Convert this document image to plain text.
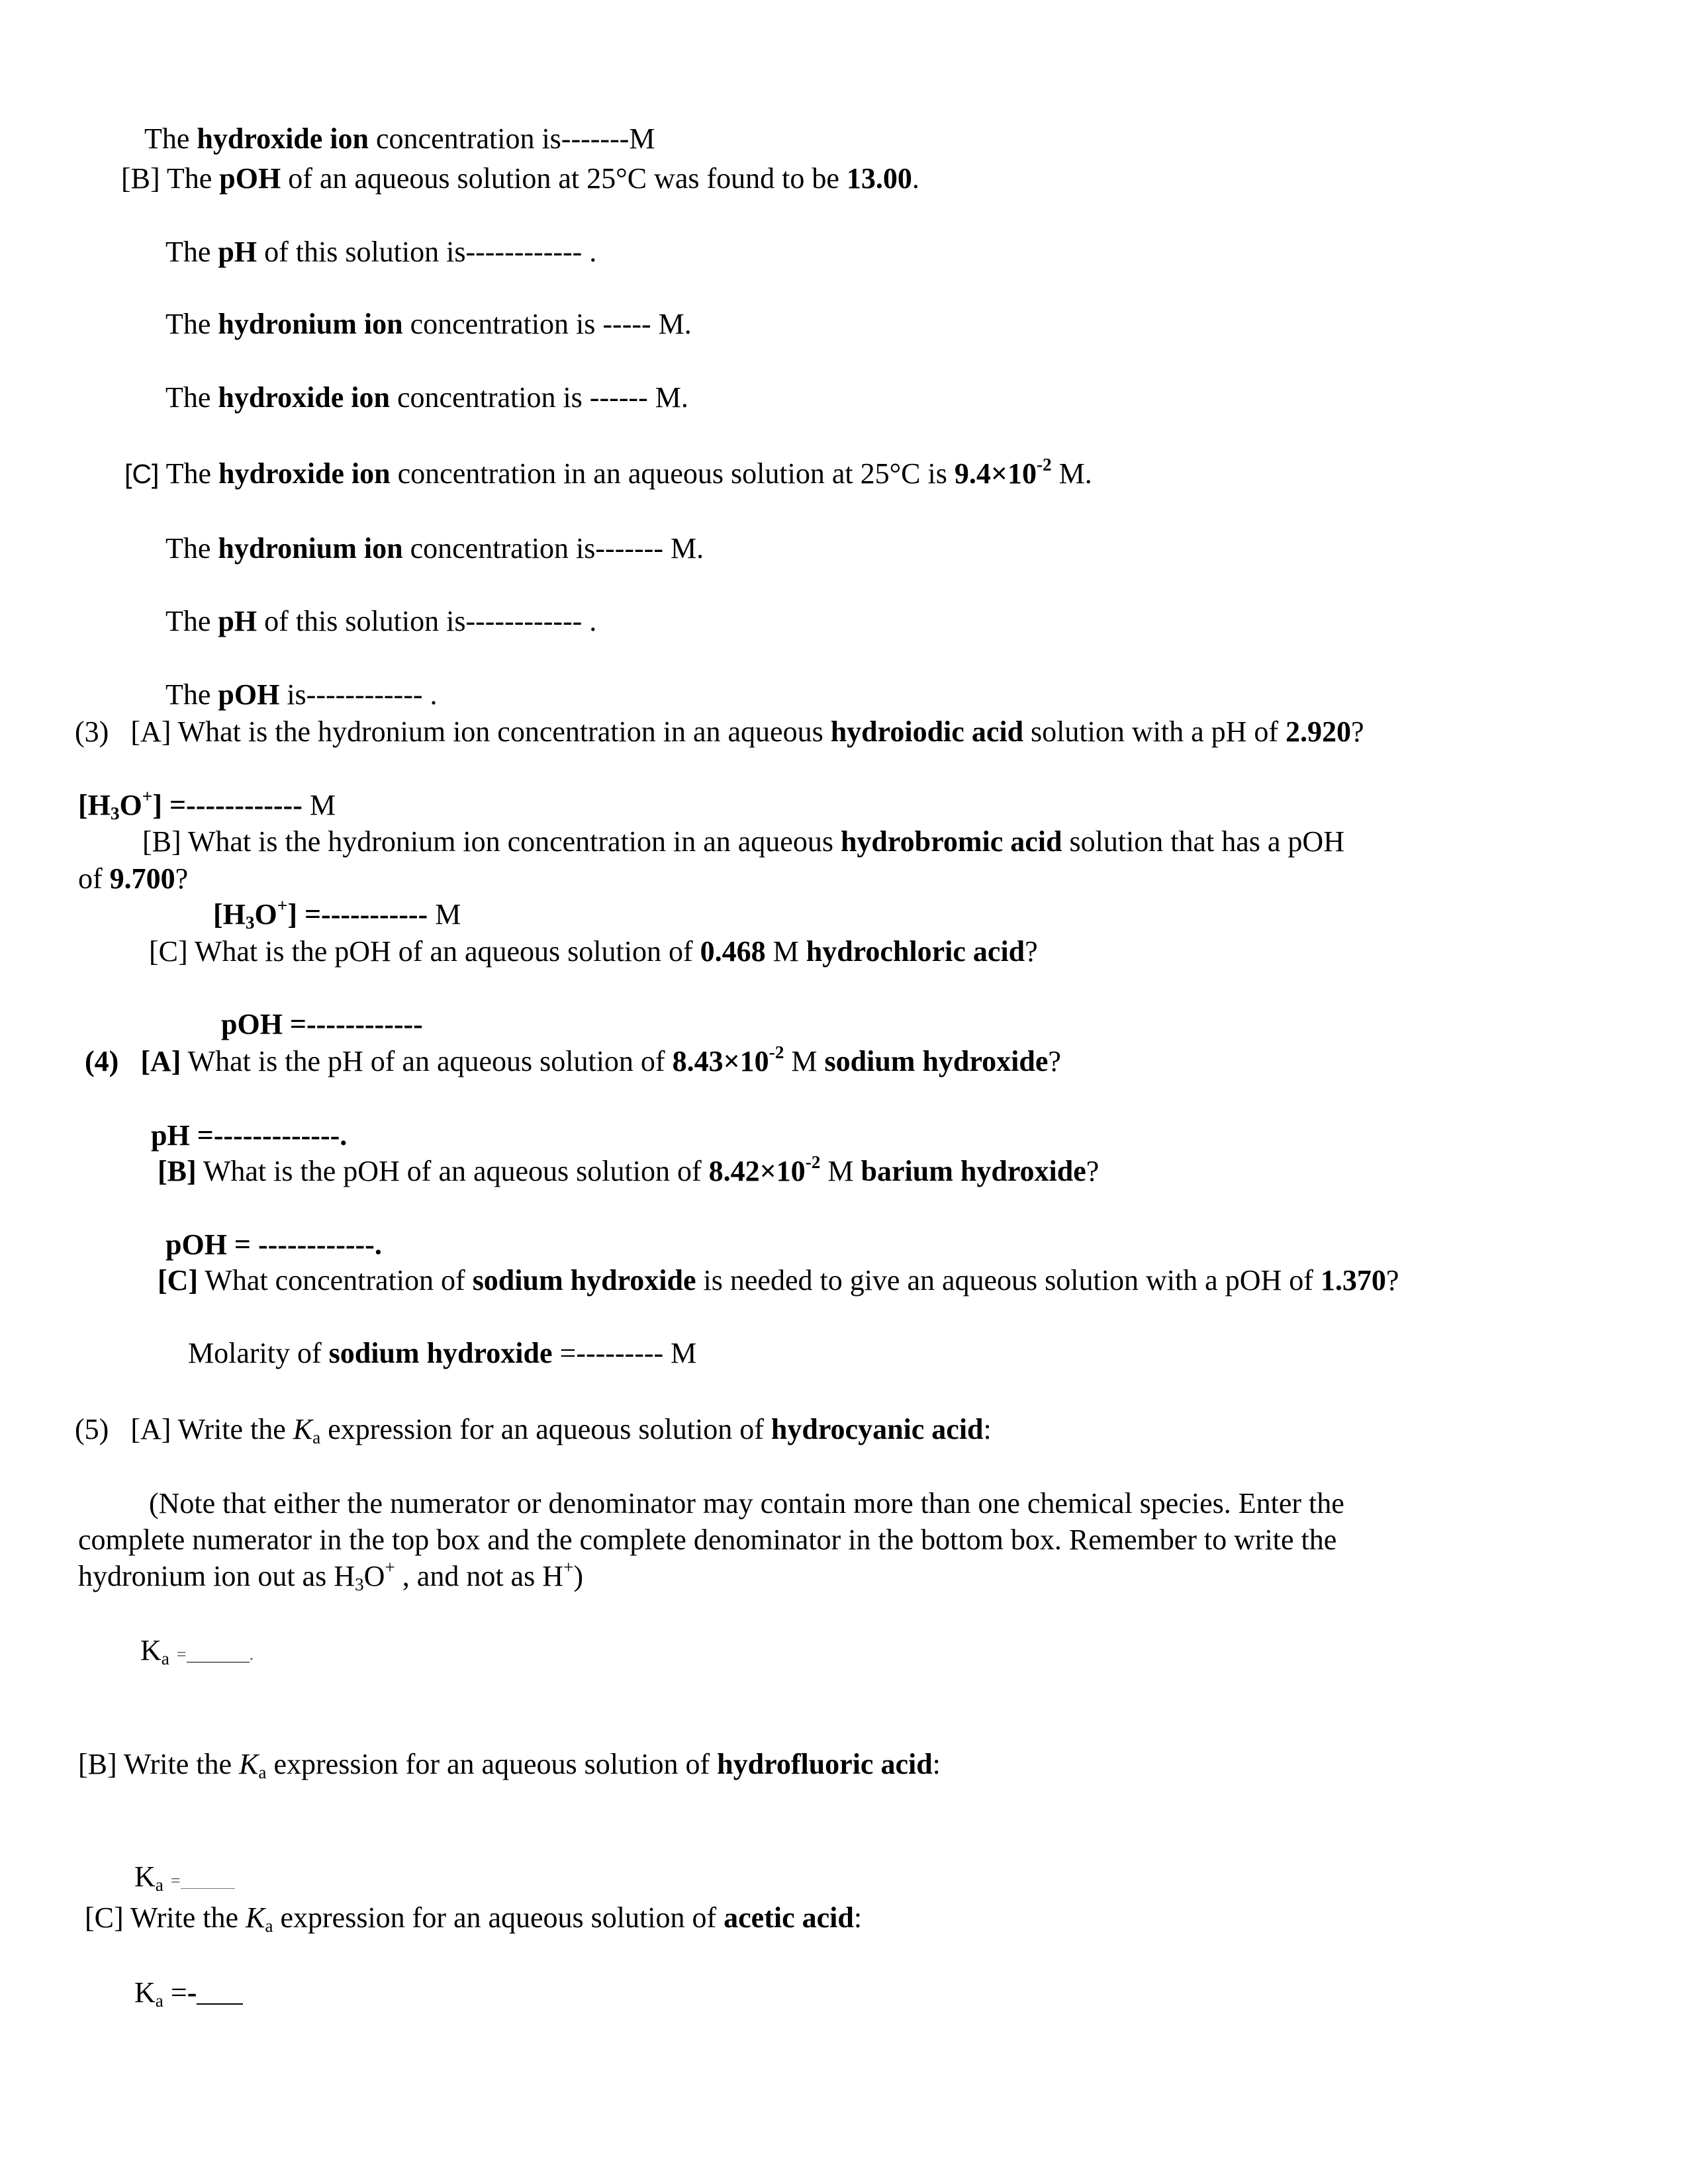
The hydroxide ion concentration is-------M
[B] The pOH of an aqueous solution at 25°C was found to be 13.00.
The pH of this solution is------------ .
The hydronium ion concentration is ----- M.
The hydroxide ion concentration is ------ M.
[C] The hydroxide ion concentration in an aqueous solution at 25°C is $9.4\times 10^{-2}$ M.
The hydronium ion concentration is------- M.
The pH of this solution is------------ .
The pOH is------------ .
(3) [A] What is the hydronium ion concentration in an aqueous hydroiodic acid solution with a pH of 2.920?
$[H_3O^+]$ =------------ M
[B] What is the hydronium ion concentration in an aqueous hydrobromic acid solution that has a pOH
of 9.700?
$[H_3O^+]$ =----------- M
[C] What is the pOH of an aqueous solution of 0.468 M hydrochloric acid?
pOH =------------
(4) [A] What is the pH of an aqueous solution of $8.43\times 10^{-2}$ M sodium hydroxide?
pH =-------------.
[B] What is the pOH of an aqueous solution of $8.42\times 10^{-2}$ M barium hydroxide?
pOH = ------------.
[C] What concentration of sodium hydroxide is needed to give an aqueous solution with a pOH of 1.370?
Molarity of sodium hydroxide =--------- M
(5) [A] Write the $K_a$ expression for an aqueous solution of hydrocyanic acid:
(Note that either the numerator or denominator may contain more than one chemical species. Enter the
complete numerator in the top box and the complete denominator in the bottom box. Remember to write the
hydronium ion out as $H_3O^+$ , and not as H+)
$K_a$ =	.
[B] Write the $K_a$ expression for an aqueous solution of hydrofluoric acid:
$K_a$ =
[C] Write the $K_a$ expression for an aqueous solution of acetic acid:
$K_a$ =-
